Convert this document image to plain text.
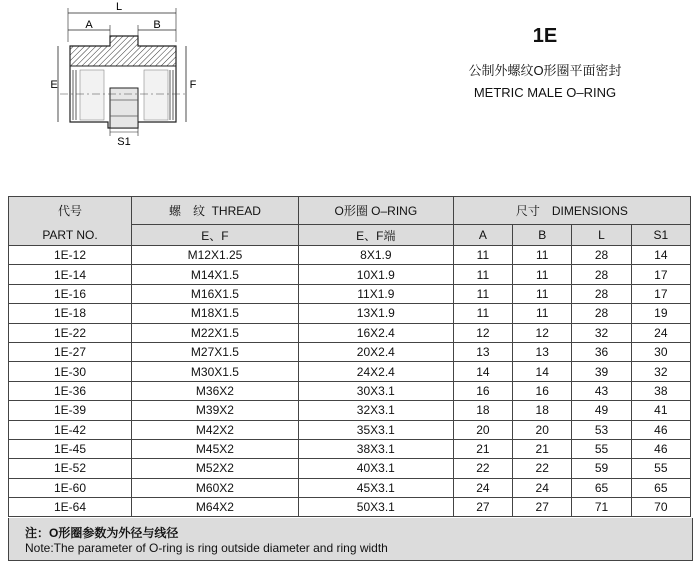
L
A	B
E	F
S1
1E
公制外螺纹O形圈平面密封
METRIC MALE O–RING
代号	螺　纹  THREAD	O形圈 O–RING		尺寸　DIMENSIONS			
PART NO.	E、F	E、F端		A	B	L	S1
1E-12	M12X1.25	8X1.9		11	11	28	14
1E-14	M14X1.5	10X1.9		11	11	28	17
1E-16	M16X1.5	11X1.9		11	11	28	17
1E-18	M18X1.5	13X1.9		11	11	28	19
1E-22	M22X1.5	16X2.4		12	12	32	24
1E-27	M27X1.5	20X2.4		13	13	36	30
1E-30	M30X1.5	24X2.4		14	14	39	32
1E-36	M36X2	30X3.1		16	16	43	38
1E-39	M39X2	32X3.1		18	18	49	41
1E-42	M42X2	35X3.1		20	20	53	46
1E-45	M45X2	38X3.1		21	21	55	46
1E-52	M52X2	40X3.1		22	22	59	55
1E-60	M60X2	45X3.1		24	24	65	65
1E-64	M64X2	50X3.1		27	27	71	70
注：O形圈参数为外径与线径
Note:The parameter of O-ring is ring outside diameter and ring width
